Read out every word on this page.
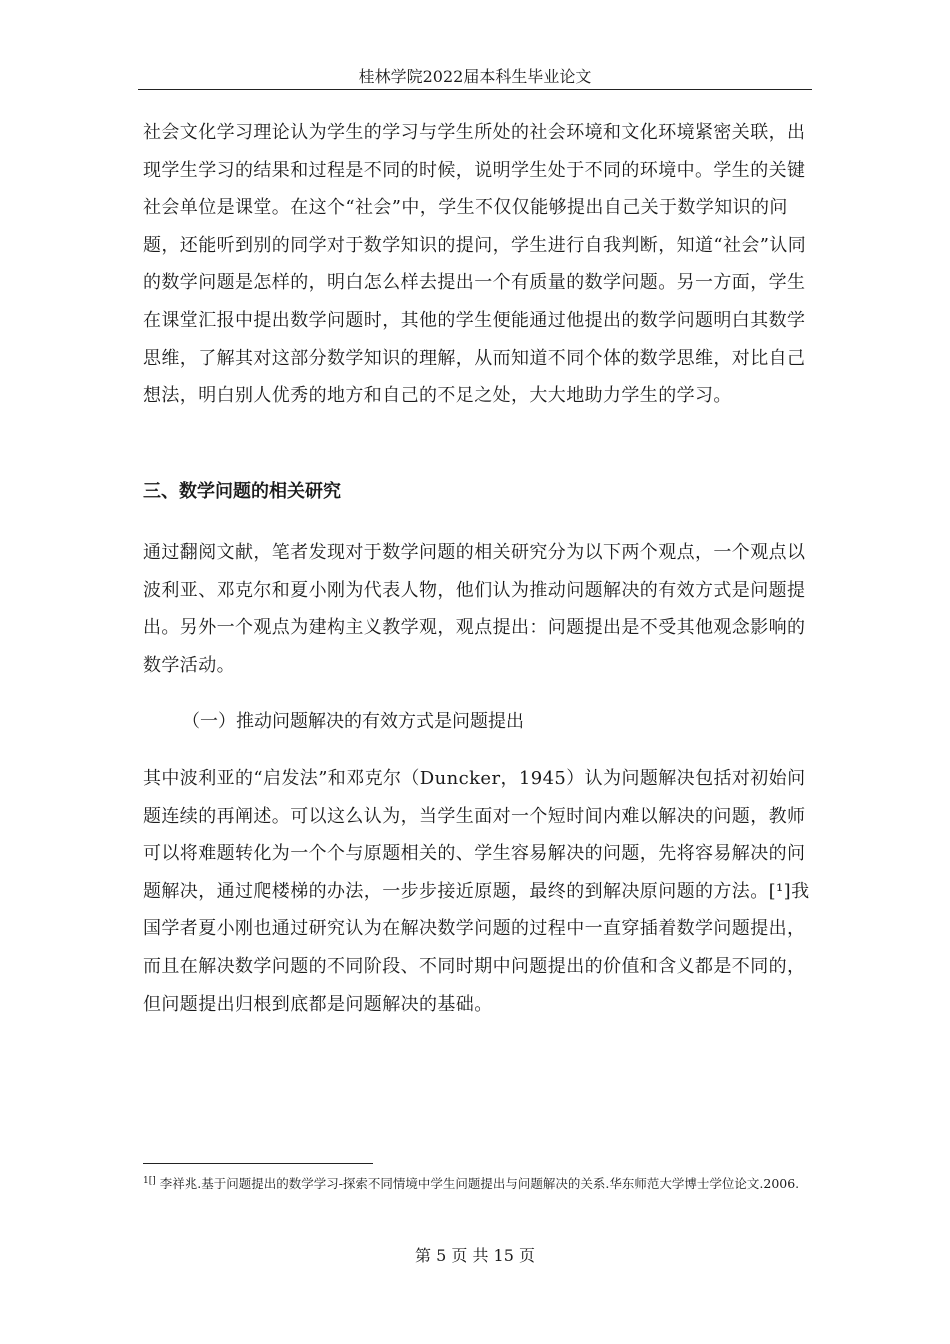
桂林学院2022届本科生毕业论文

社会文化学习理论认为学生的学习与学生所处的社会环境和文化环境紧密关联，出现学生学习的结果和过程是不同的时候，说明学生处于不同的环境中。学生的关键社会单位是课堂。在这个“社会”中，学生不仅仅能够提出自己关于数学知识的问题，还能听到别的同学对于数学知识的提问，学生进行自我判断，知道“社会”认同的数学问题是怎样的，明白怎么样去提出一个有质量的数学问题。另一方面，学生在课堂汇报中提出数学问题时，其他的学生便能通过他提出的数学问题明白其数学思维，了解其对这部分数学知识的理解，从而知道不同个体的数学思维，对比自己想法，明白别人优秀的地方和自己的不足之处，大大地助力学生的学习。

三、数学问题的相关研究

通过翻阅文献，笔者发现对于数学问题的相关研究分为以下两个观点，一个观点以波利亚、邓克尔和夏小刚为代表人物，他们认为推动问题解决的有效方式是问题提出。另外一个观点为建构主义教学观，观点提出：问题提出是不受其他观念影响的数学活动。

（一）推动问题解决的有效方式是问题提出

其中波利亚的“启发法”和邓克尔（Duncker，1945）认为问题解决包括对初始问题连续的再阐述。可以这么认为，当学生面对一个短时间内难以解决的问题，教师可以将难题转化为一个个与原题相关的、学生容易解决的问题，先将容易解决的问题解决，通过爬楼梯的办法，一步步接近原题，最终的到解决原问题的方法。[¹]我国学者夏小刚也通过研究认为在解决数学问题的过程中一直穿插着数学问题提出，而且在解决数学问题的不同阶段、不同时期中问题提出的价值和含义都是不同的，但问题提出归根到底都是问题解决的基础。

$^{1[]}$ 李祥兆.基于问题提出的数学学习-探索不同情境中学生问题提出与问题解决的关系.华东师范大学博士学位论文.2006.

第 5 页 共 15 页
